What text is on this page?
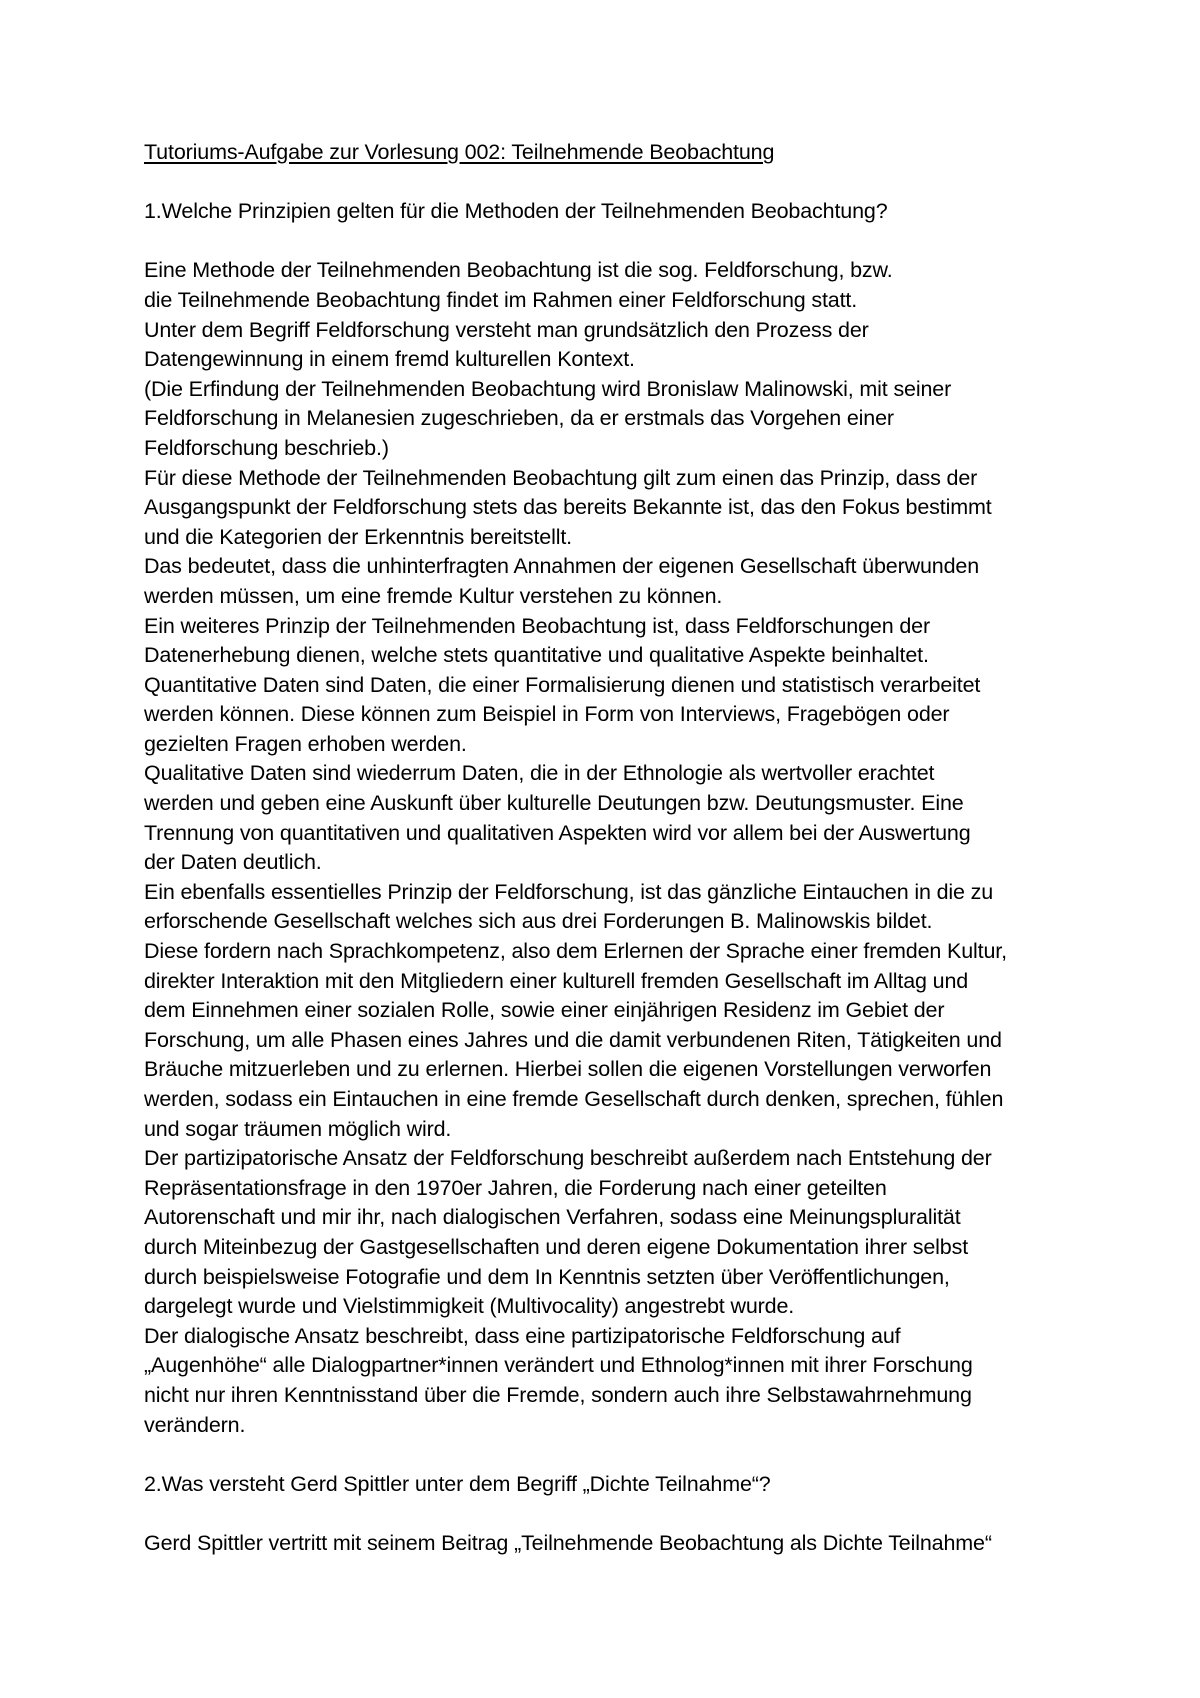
Tutoriums-Aufgabe zur Vorlesung 002: Teilnehmende Beobachtung
1.Welche Prinzipien gelten für die Methoden der Teilnehmenden Beobachtung?
Eine Methode der Teilnehmenden Beobachtung ist die sog. Feldforschung, bzw.
die Teilnehmende Beobachtung findet im Rahmen einer Feldforschung statt.
Unter dem Begriff Feldforschung versteht man grundsätzlich den Prozess der
Datengewinnung in einem fremd kulturellen Kontext.
(Die Erfindung der Teilnehmenden Beobachtung wird Bronislaw Malinowski, mit seiner
Feldforschung in Melanesien zugeschrieben, da er erstmals das Vorgehen einer
Feldforschung beschrieb.)
Für diese Methode der Teilnehmenden Beobachtung gilt zum einen das Prinzip, dass der
Ausgangspunkt der Feldforschung stets das bereits Bekannte ist, das den Fokus bestimmt
und die Kategorien der Erkenntnis bereitstellt.
Das bedeutet, dass die unhinterfragten Annahmen der eigenen Gesellschaft überwunden
werden müssen, um eine fremde Kultur verstehen zu können.
Ein weiteres Prinzip der Teilnehmenden Beobachtung ist, dass Feldforschungen der
Datenerhebung dienen, welche stets quantitative und qualitative Aspekte beinhaltet.
Quantitative Daten sind Daten, die einer Formalisierung dienen und statistisch verarbeitet
werden können. Diese können zum Beispiel in Form von Interviews, Fragebögen oder
gezielten Fragen erhoben werden.
Qualitative Daten sind wiederrum Daten, die in der Ethnologie als wertvoller erachtet
werden und geben eine Auskunft über kulturelle Deutungen bzw. Deutungsmuster. Eine
Trennung von quantitativen und qualitativen Aspekten wird vor allem bei der Auswertung
der Daten deutlich.
Ein ebenfalls essentielles Prinzip der Feldforschung, ist das gänzliche Eintauchen in die zu
erforschende Gesellschaft welches sich aus drei Forderungen B. Malinowskis bildet.
Diese fordern nach Sprachkompetenz, also dem Erlernen der Sprache einer fremden Kultur,
direkter Interaktion mit den Mitgliedern einer kulturell fremden Gesellschaft im Alltag und
dem Einnehmen einer sozialen Rolle, sowie einer einjährigen Residenz im Gebiet der
Forschung, um alle Phasen eines Jahres und die damit verbundenen Riten, Tätigkeiten und
Bräuche mitzuerleben und zu erlernen. Hierbei sollen die eigenen Vorstellungen verworfen
werden, sodass ein Eintauchen in eine fremde Gesellschaft durch denken, sprechen, fühlen
und sogar träumen möglich wird.
Der partizipatorische Ansatz der Feldforschung beschreibt außerdem nach Entstehung der
Repräsentationsfrage in den 1970er Jahren, die Forderung nach einer geteilten
Autorenschaft und mir ihr, nach dialogischen Verfahren, sodass eine Meinungspluralität
durch Miteinbezug der Gastgesellschaften und deren eigene Dokumentation ihrer selbst
durch beispielsweise Fotografie und dem In Kenntnis setzten über Veröffentlichungen,
dargelegt wurde und Vielstimmigkeit (Multivocality) angestrebt wurde.
Der dialogische Ansatz beschreibt, dass eine partizipatorische Feldforschung auf
„Augenhöhe“ alle Dialogpartner*innen verändert und Ethnolog*innen mit ihrer Forschung
nicht nur ihren Kenntnisstand über die Fremde, sondern auch ihre Selbstawahrnehmung
verändern.
2.Was versteht Gerd Spittler unter dem Begriff „Dichte Teilnahme“?
Gerd Spittler vertritt mit seinem Beitrag „Teilnehmende Beobachtung als Dichte Teilnahme“
